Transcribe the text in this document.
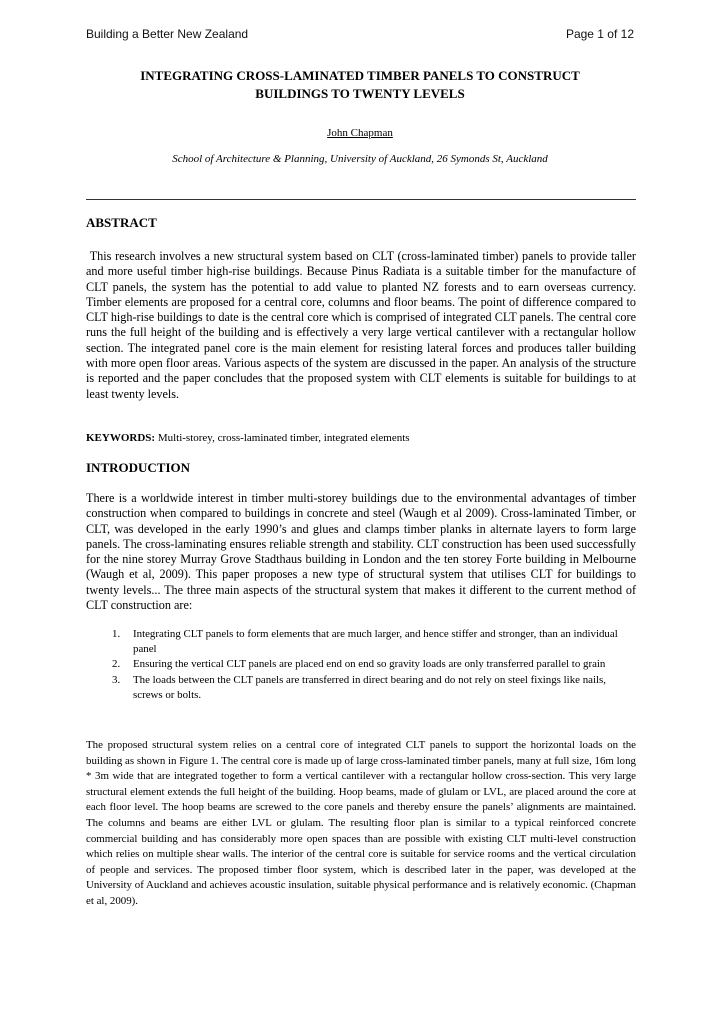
Building a Better New Zealand	Page 1 of 12
INTEGRATING CROSS-LAMINATED TIMBER PANELS TO CONSTRUCT
BUILDINGS TO TWENTY LEVELS
John Chapman
School of Architecture & Planning, University of Auckland, 26 Symonds St, Auckland
ABSTRACT
This research involves a new structural system based on CLT (cross-laminated timber) panels to provide taller and more useful timber high-rise buildings. Because Pinus Radiata is a suitable timber for the manufacture of CLT panels, the system has the potential to add value to planted NZ forests and to earn overseas currency. Timber elements are proposed for a central core, columns and floor beams. The point of difference compared to CLT high-rise buildings to date is the central core which is comprised of integrated CLT panels. The central core runs the full height of the building and is effectively a very large vertical cantilever with a rectangular hollow section. The integrated panel core is the main element for resisting lateral forces and produces taller building with more open floor areas. Various aspects of the system are discussed in the paper. An analysis of the structure is reported and the paper concludes that the proposed system with CLT elements is suitable for buildings to at least twenty levels.
KEYWORDS: Multi-storey, cross-laminated timber, integrated elements
INTRODUCTION
There is a worldwide interest in timber multi-storey buildings due to the environmental advantages of timber construction when compared to buildings in concrete and steel (Waugh et al 2009). Cross-laminated Timber, or CLT, was developed in the early 1990’s and glues and clamps timber planks in alternate layers to form large panels. The cross-laminating ensures reliable strength and stability. CLT construction has been used successfully for the nine storey Murray Grove Stadthaus building in London and the ten storey Forte building in Melbourne (Waugh et al, 2009). This paper proposes a new type of structural system that utilises CLT for buildings to twenty levels... The three main aspects of the structural system that makes it different to the current method of CLT construction are:
1. Integrating CLT panels to form elements that are much larger, and hence stiffer and stronger, than an individual panel
2. Ensuring the vertical CLT panels are placed end on end so gravity loads are only transferred parallel to grain
3. The loads between the CLT panels are transferred in direct bearing and do not rely on steel fixings like nails, screws or bolts.
The proposed structural system relies on a central core of integrated CLT panels to support the horizontal loads on the building as shown in Figure 1. The central core is made up of large cross-laminated timber panels, many at full size, 16m long * 3m wide that are integrated together to form a vertical cantilever with a rectangular hollow cross-section. This very large structural element extends the full height of the building. Hoop beams, made of glulam or LVL, are placed around the core at each floor level. The hoop beams are screwed to the core panels and thereby ensure the panels’ alignments are maintained. The columns and beams are either LVL or glulam. The resulting floor plan is similar to a typical reinforced concrete commercial building and has considerably more open spaces than are possible with existing CLT multi-level construction which relies on multiple shear walls. The interior of the central core is suitable for service rooms and the vertical circulation of people and services. The proposed timber floor system, which is described later in the paper, was developed at the University of Auckland and achieves acoustic insulation, suitable physical performance and is relatively economic. (Chapman et al, 2009).
